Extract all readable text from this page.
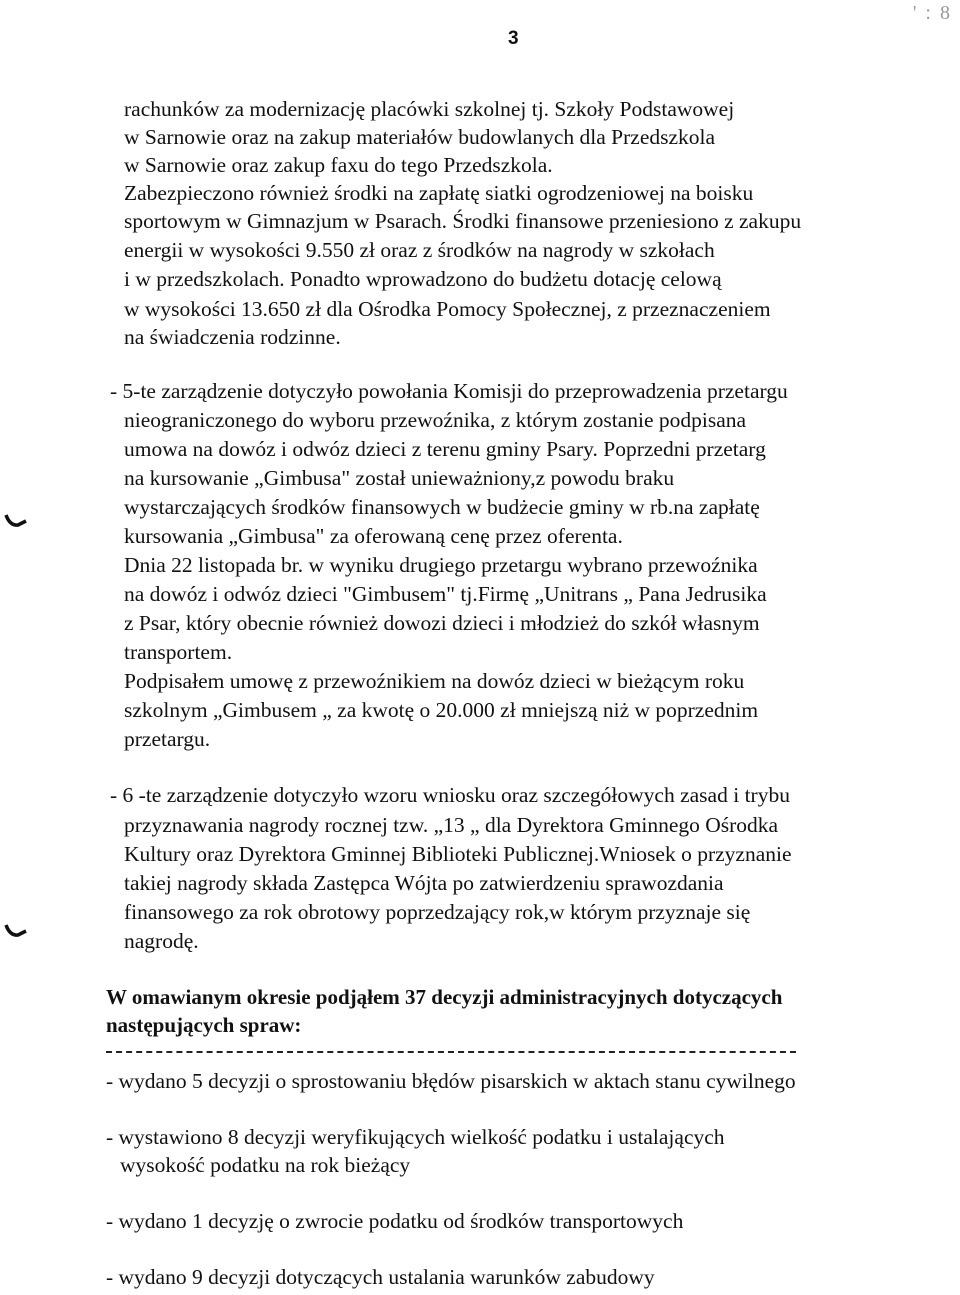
3
' : 8
rachunków za modernizację placówki szkolnej tj. Szkoły Podstawowej
w Sarnowie oraz na zakup materiałów budowlanych dla Przedszkola
w Sarnowie oraz zakup faxu do tego Przedszkola.
Zabezpieczono również środki na zapłatę siatki ogrodzeniowej na boisku
sportowym w Gimnazjum w Psarach. Środki finansowe przeniesiono z zakupu
energii w wysokości 9.550 zł oraz z środków na nagrody w szkołach
i w przedszkolach. Ponadto wprowadzono do budżetu dotację celową
w wysokości 13.650 zł dla Ośrodka Pomocy Społecznej, z przeznaczeniem
na świadczenia rodzinne.
- 5-te zarządzenie dotyczyło powołania Komisji do przeprowadzenia przetargu
nieograniczonego do wyboru przewoźnika, z którym zostanie podpisana
umowa na dowóz i odwóz dzieci z terenu gminy Psary. Poprzedni przetarg
na kursowanie „Gimbusa" został unieważniony,z powodu braku
wystarczających środków finansowych w budżecie gminy w rb.na zapłatę
kursowania „Gimbusa" za oferowaną cenę przez oferenta.
Dnia 22 listopada br. w wyniku drugiego przetargu wybrano przewoźnika
na dowóz i odwóz dzieci "Gimbusem" tj.Firmę „Unitrans „ Pana Jedrusika
z Psar, który obecnie również dowozi dzieci i młodzież do szkół własnym
transportem.
Podpisałem umowę z przewoźnikiem na dowóz dzieci w bieżącym roku
szkolnym „Gimbusem „ za kwotę o 20.000 zł mniejszą niż w poprzednim
przetargu.
- 6 -te zarządzenie dotyczyło wzoru wniosku oraz szczegółowych zasad i trybu
przyznawania nagrody rocznej tzw. „13 „ dla Dyrektora Gminnego Ośrodka
Kultury oraz Dyrektora Gminnej Biblioteki Publicznej.Wniosek o przyznanie
takiej nagrody składa Zastępca Wójta po zatwierdzeniu sprawozdania
finansowego za rok obrotowy poprzedzający rok,w którym przyznaje się
nagrodę.
W omawianym okresie podjąłem 37 decyzji administracyjnych dotyczących
następujących spraw:
- wydano 5 decyzji o sprostowaniu błędów pisarskich w aktach stanu cywilnego
- wystawiono 8 decyzji weryfikujących wielkość podatku i ustalających
wysokość podatku na rok bieżący
- wydano 1 decyzję o zwrocie podatku od środków transportowych
- wydano 9 decyzji dotyczących ustalania warunków zabudowy
